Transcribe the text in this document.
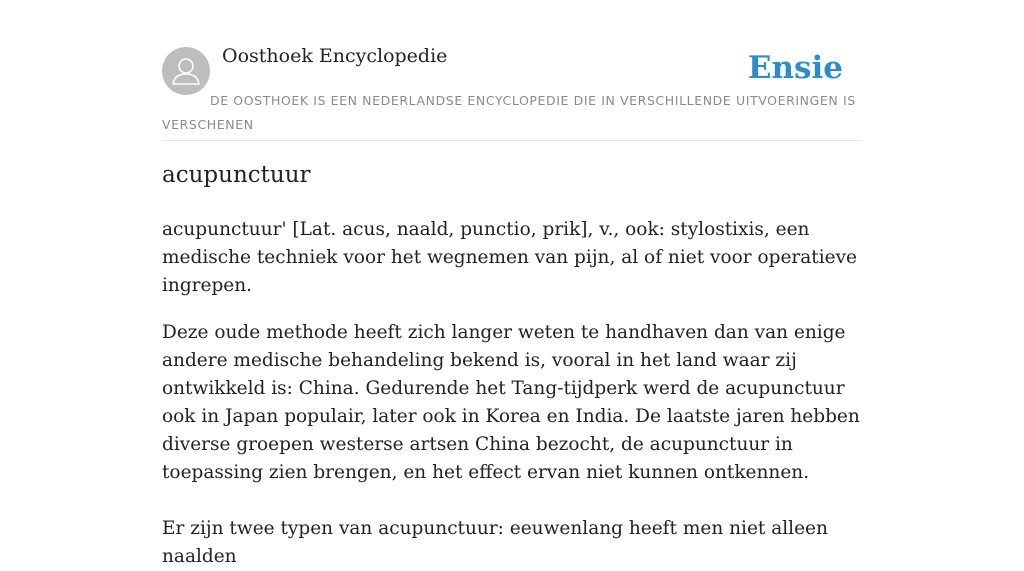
Oosthoek Encyclopedie	Ensie
DE OOSTHOEK IS EEN NEDERLANDSE ENCYCLOPEDIE DIE IN VERSCHILLENDE UITVOERINGEN IS VERSCHENEN
acupunctuur

acupunctuur' [Lat. acus, naald, punctio, prik], v., ook: stylostixis, een medische techniek voor het wegnemen van pijn, al of niet voor operatieve ingrepen.

Deze oude methode heeft zich langer weten te handhaven dan van enige andere medische behandeling bekend is, vooral in het land waar zij ontwikkeld is: China. Gedurende het Tang-tijdperk werd de acupunctuur ook in Japan populair, later ook in Korea en India. De laatste jaren hebben diverse groepen westerse artsen China bezocht, de acupunctuur in toepassing zien brengen, en het effect ervan niet kunnen ontkennen.

Er zijn twee typen van acupunctuur: eeuwenlang heeft men niet alleen naalden
